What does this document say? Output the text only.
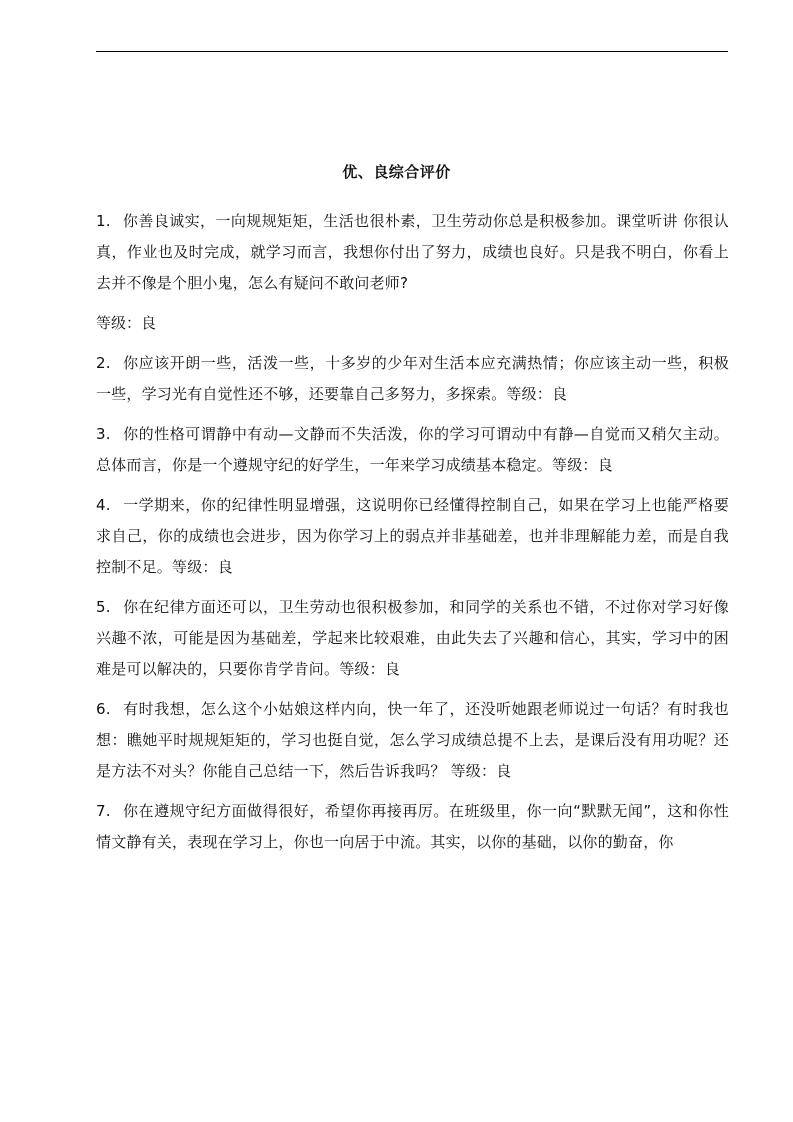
优、良综合评价

1. 你善良诚实，一向规规矩矩，生活也很朴素，卫生劳动你总是积极参加。课堂听讲 你很认真，作业也及时完成，就学习而言，我想你付出了努力，成绩也良好。只是我不明白，你看上去并不像是个胆小鬼，怎么有疑问不敢问老师?

等级：良

2. 你应该开朗一些，活泼一些，十多岁的少年对生活本应充满热情；你应该主动一些，积极一些，学习光有自觉性还不够，还要靠自己多努力，多探索。等级：良

3. 你的性格可谓静中有动—文静而不失活泼，你的学习可谓动中有静—自觉而又稍欠主动。总体而言，你是一个遵规守纪的好学生，一年来学习成绩基本稳定。等级：良

4. 一学期来，你的纪律性明显增强，这说明你已经懂得控制自己，如果在学习上也能严格要求自己，你的成绩也会进步，因为你学习上的弱点并非基础差，也并非理解能力差，而是自我控制不足。等级：良

5. 你在纪律方面还可以，卫生劳动也很积极参加，和同学的关系也不错，不过你对学习好像兴趣不浓，可能是因为基础差，学起来比较艰难，由此失去了兴趣和信心，其实，学习中的困难是可以解决的，只要你肯学肯问。等级：良

6. 有时我想，怎么这个小姑娘这样内向，快一年了，还没听她跟老师说过一句话？有时我也想：瞧她平时规规矩矩的，学习也挺自觉，怎么学习成绩总提不上去，是课后没有用功呢？还是方法不对头？你能自己总结一下，然后告诉我吗？ 等级：良

7. 你在遵规守纪方面做得很好，希望你再接再厉。在班级里，你一向“默默无闻”，这和你性情文静有关，表现在学习上，你也一向居于中流。其实，以你的基础，以你的勤奋，你
